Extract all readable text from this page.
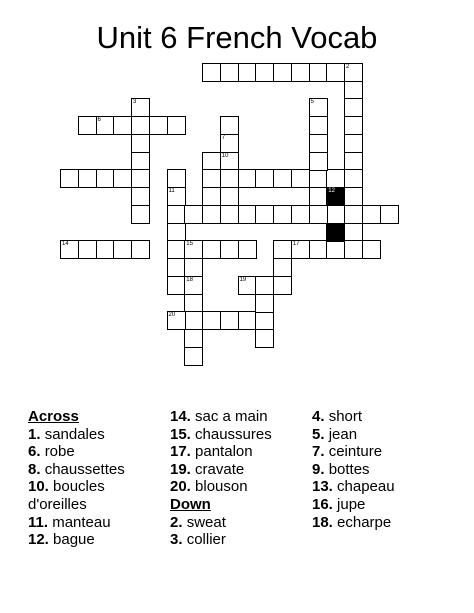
Unit 6 French Vocab
2
6
3
7
10
11
5
14	15	17
18	19
20
12
Across
1. sandales
6. robe
8. chaussettes
10. boucles
d'oreilles
11. manteau
12. bague
14. sac a main
15. chaussures
17. pantalon
19. cravate
20. blouson
Down
2. sweat
3. collier
4. short
5. jean
7. ceinture
9. bottes
13. chapeau
16. jupe
18. echarpe
